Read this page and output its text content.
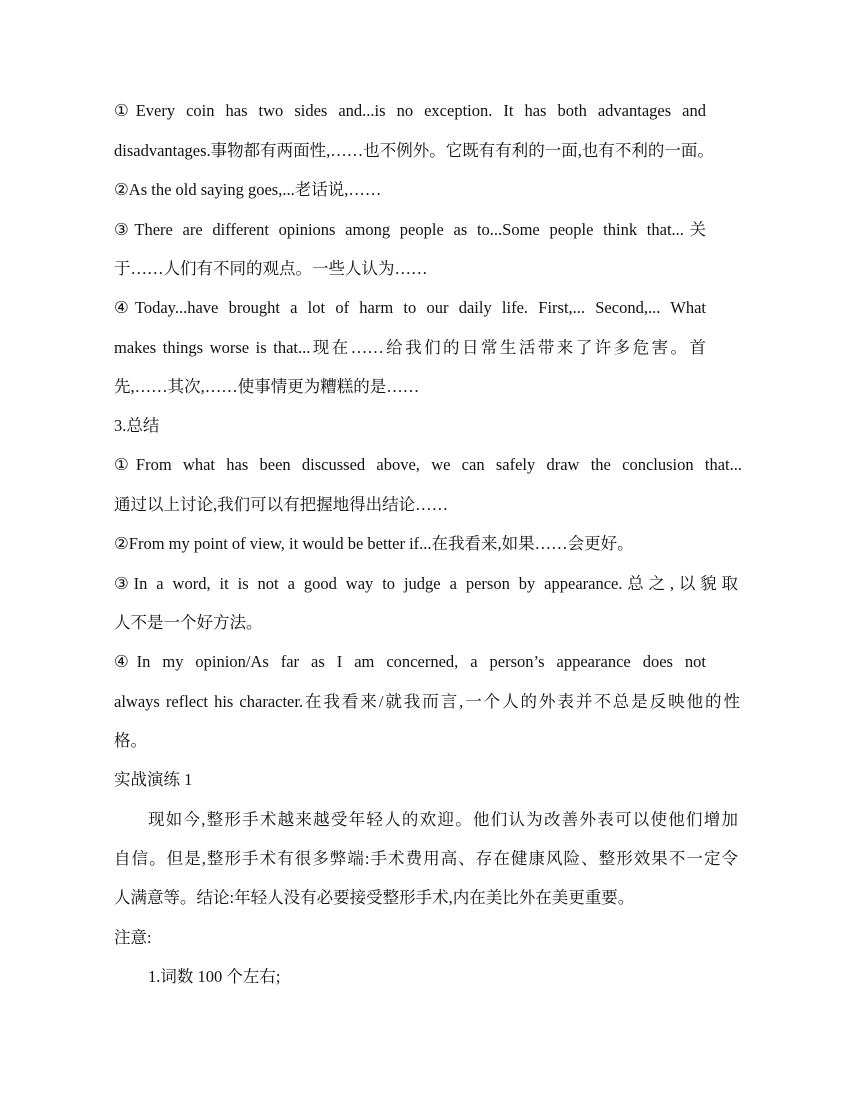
①Every coin has two sides and...is no exception. It has both advantages and
disadvantages.事物都有两面性,……也不例外。它既有有利的一面,也有不利的一面。
②As the old saying goes,...老话说,……
③There are different opinions among people as to...Some people think that...关
于……人们有不同的观点。一些人认为……
④Today...have brought a lot of harm to our daily life. First,... Second,... What
makes things worse is that...现在……给我们的日常生活带来了许多危害。首
先,……其次,……使事情更为糟糕的是……
3.总结
①From what has been discussed above, we can safely draw the conclusion that...
通过以上讨论,我们可以有把握地得出结论……
②From my point of view, it would be better if...在我看来,如果……会更好。
③In a word, it is not a good way to judge a person by appearance.总之,以貌取
人不是一个好方法。
④In my opinion/As far as I am concerned, a person’s appearance does not
always reflect his character.在我看来/就我而言,一个人的外表并不总是反映他的性
格。
实战演练 1
现如今,整形手术越来越受年轻人的欢迎。他们认为改善外表可以使他们增加
自信。但是,整形手术有很多弊端:手术费用高、存在健康风险、整形效果不一定令
人满意等。结论:年轻人没有必要接受整形手术,内在美比外在美更重要。
注意:
1.词数 100 个左右;
